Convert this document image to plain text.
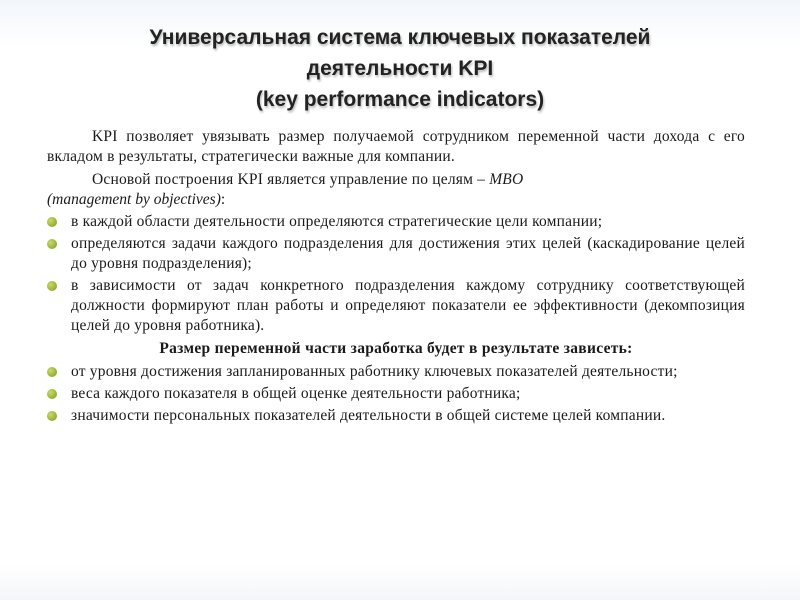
Универсальная система ключевых показателей
деятельности KPI
(key performance indicators)

KPI позволяет увязывать размер получаемой сотрудником переменной части дохода с его вкладом в результаты, стратегически важные для компании.

Основой построения KPI является управление по целям – MBO

(management by objectives):

в каждой области деятельности определяются стратегические цели компании;
определяются задачи каждого подразделения для достижения этих целей (каскадирование целей до уровня подразделения);
в зависимости от задач конкретного подразделения каждому сотруднику соответствующей должности формируют план работы и определяют показатели ее эффективности (декомпозиция целей до уровня работника).
Размер переменной части заработка будет в результате зависеть:
от уровня достижения запланированных работнику ключевых показателей деятельности;
веса каждого показателя в общей оценке деятельности работника;
значимости персональных показателей деятельности в общей системе целей компании.
